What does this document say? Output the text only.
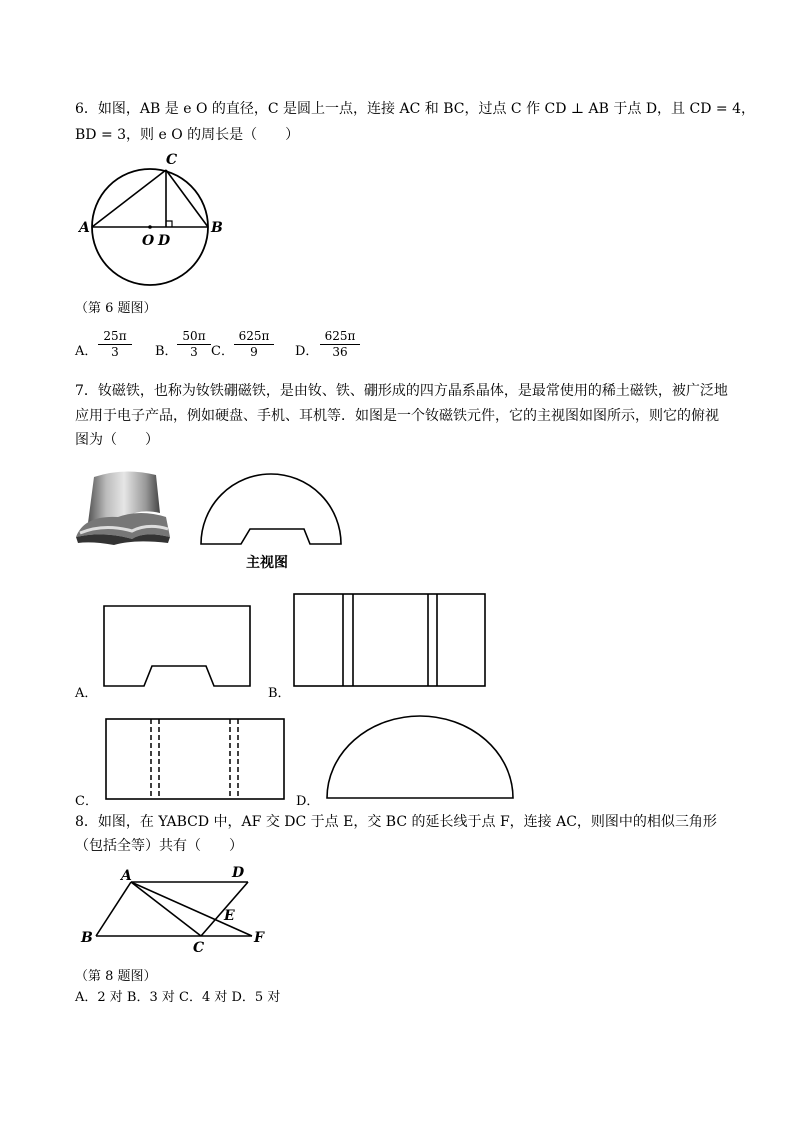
6．如图，AB 是 e O 的直径，C 是圆上一点，连接 AC 和 BC，过点 C 作 CD ⊥ AB 于点 D，且 CD = 4，
BD = 3，则 e O 的周长是（　　）
A	B
C
O D
（第 6 题图）
A． $\frac{25\pi}{3}$ B． $\frac{50\pi}{3}$ C． $\frac{625\pi}{9}$ D． $\frac{625\pi}{36}$
7．钕磁铁，也称为钕铁硼磁铁，是由钕、铁、硼形成的四方晶系晶体，是最常使用的稀土磁铁，被广泛地
应用于电子产品，例如硬盘、手机、耳机等．如图是一个钕磁铁元件，它的主视图如图所示，则它的俯视
图为（　　）
主视图
A．	B．
C．	D．
8．如图，在 YABCD 中，AF 交 DC 于点 E，交 BC 的延长线于点 F，连接 AC，则图中的相似三角形
（包括全等）共有（　　）
A	D
B
C
E
F
（第 8 题图）
A．2 对 B．3 对 C．4 对 D．5 对
